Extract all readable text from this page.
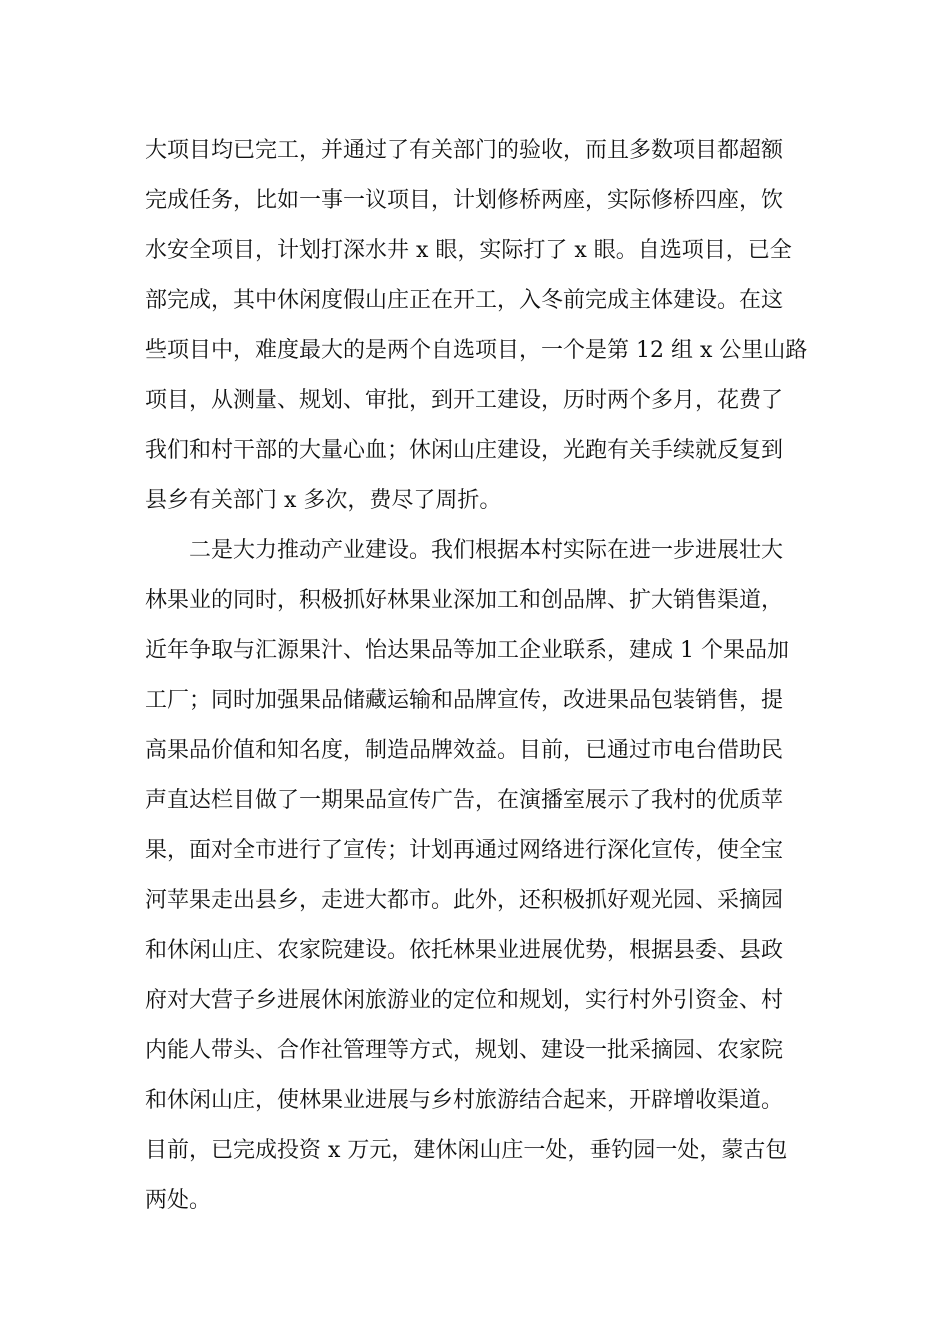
大项目均已完工，并通过了有关部门的验收，而且多数项目都超额
完成任务，比如一事一议项目，计划修桥两座，实际修桥四座，饮
水安全项目，计划打深水井 x 眼，实际打了 x 眼。自选项目，已全
部完成，其中休闲度假山庄正在开工，入冬前完成主体建设。在这
些项目中，难度最大的是两个自选项目，一个是第 12 组 x 公里山路
项目，从测量、规划、审批，到开工建设，历时两个多月，花费了
我们和村干部的大量心血；休闲山庄建设，光跑有关手续就反复到
县乡有关部门 x 多次，费尽了周折。
二是大力推动产业建设。我们根据本村实际在进一步进展壮大
林果业的同时，积极抓好林果业深加工和创品牌、扩大销售渠道，
近年争取与汇源果汁、怡达果品等加工企业联系，建成 1 个果品加
工厂；同时加强果品储藏运输和品牌宣传，改进果品包装销售，提
高果品价值和知名度，制造品牌效益。目前，已通过市电台借助民
声直达栏目做了一期果品宣传广告，在演播室展示了我村的优质苹
果，面对全市进行了宣传；计划再通过网络进行深化宣传，使全宝
河苹果走出县乡，走进大都市。此外，还积极抓好观光园、采摘园
和休闲山庄、农家院建设。依托林果业进展优势，根据县委、县政
府对大营子乡进展休闲旅游业的定位和规划，实行村外引资金、村
内能人带头、合作社管理等方式，规划、建设一批采摘园、农家院
和休闲山庄，使林果业进展与乡村旅游结合起来，开辟增收渠道。
目前，已完成投资 x 万元，建休闲山庄一处，垂钓园一处，蒙古包
两处。
